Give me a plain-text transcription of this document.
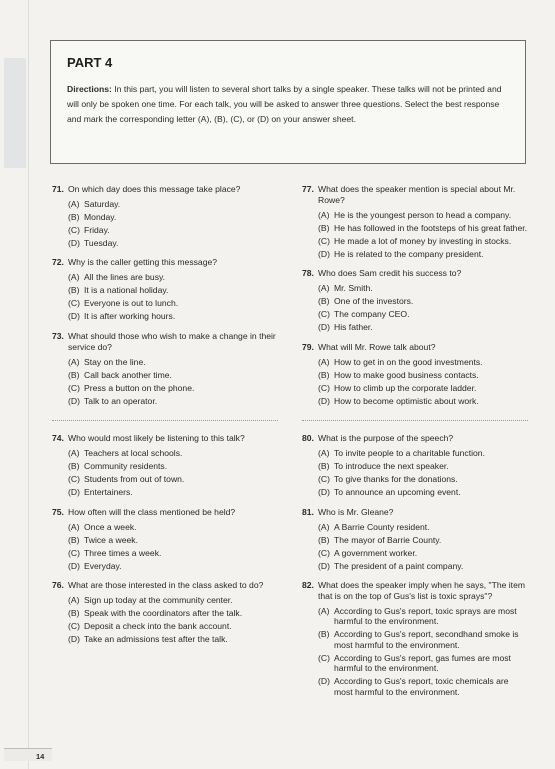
PART 4

Directions: In this part, you will listen to several short talks by a single speaker. These talks will not be printed and will only be spoken one time. For each talk, you will be asked to answer three questions. Select the best response and mark the corresponding letter (A), (B), (C), or (D) on your answer sheet.

71. On which day does this message take place?
(A) Saturday.
(B) Monday.
(C) Friday.
(D) Tuesday.
72. Why is the caller getting this message?
(A) All the lines are busy.
(B) It is a national holiday.
(C) Everyone is out to lunch.
(D) It is after working hours.
73. What should those who wish to make a change in their service do?
(A) Stay on the line.
(B) Call back another time.
(C) Press a button on the phone.
(D) Talk to an operator.
74. Who would most likely be listening to this talk?
(A) Teachers at local schools.
(B) Community residents.
(C) Students from out of town.
(D) Entertainers.
75. How often will the class mentioned be held?
(A) Once a week.
(B) Twice a week.
(C) Three times a week.
(D) Everyday.
76. What are those interested in the class asked to do?
(A) Sign up today at the community center.
(B) Speak with the coordinators after the talk.
(C) Deposit a check into the bank account.
(D) Take an admissions test after the talk.
77. What does the speaker mention is special about Mr. Rowe?
(A) He is the youngest person to head a company.
(B) He has followed in the footsteps of his great father.
(C) He made a lot of money by investing in stocks.
(D) He is related to the company president.
78. Who does Sam credit his success to?
(A) Mr. Smith.
(B) One of the investors.
(C) The company CEO.
(D) His father.
79. What will Mr. Rowe talk about?
(A) How to get in on the good investments.
(B) How to make good business contacts.
(C) How to climb up the corporate ladder.
(D) How to become optimistic about work.
80. What is the purpose of the speech?
(A) To invite people to a charitable function.
(B) To introduce the next speaker.
(C) To give thanks for the donations.
(D) To announce an upcoming event.
81. Who is Mr. Gleane?
(A) A Barrie County resident.
(B) The mayor of Barrie County.
(C) A government worker.
(D) The president of a paint company.
82. What does the speaker imply when he says, "The item that is on the top of Gus's list is toxic sprays"?
(A) According to Gus's report, toxic sprays are most harmful to the environment.
(B) According to Gus's report, secondhand smoke is most harmful to the environment.
(C) According to Gus's report, gas fumes are most harmful to the environment.
(D) According to Gus's report, toxic chemicals are most harmful to the environment.
14
